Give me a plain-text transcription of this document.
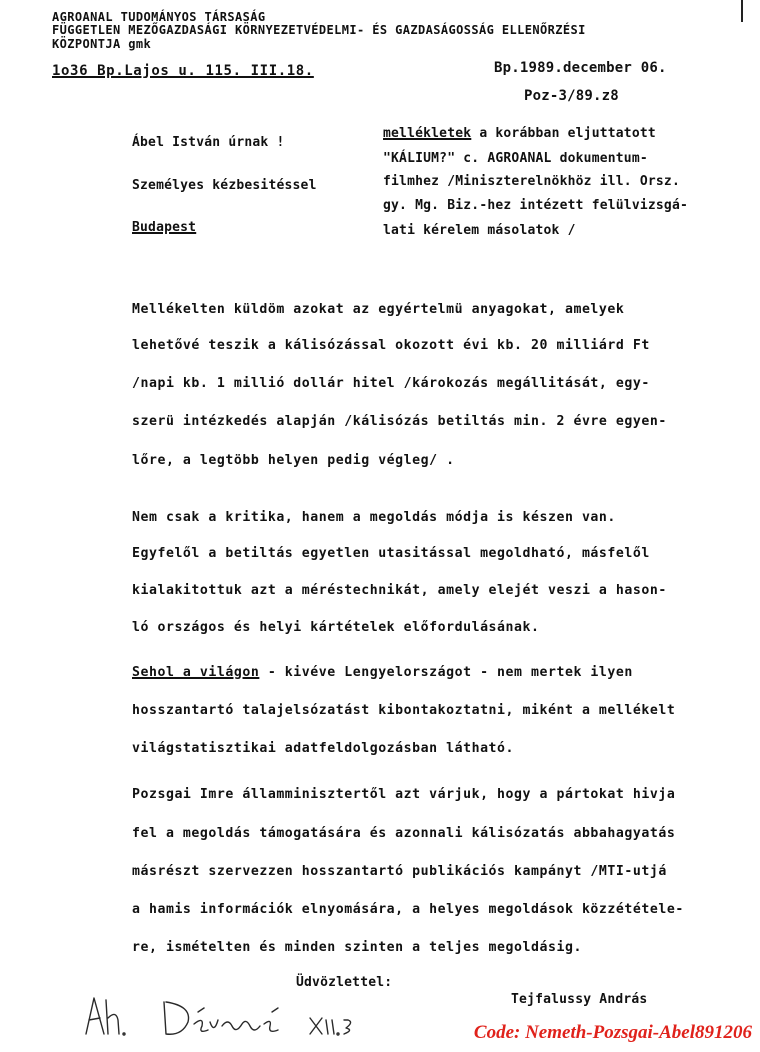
AGROANAL TUDOMÁNYOS TÁRSASÁG
FÜGGETLEN MEZŐGAZDASÁGI KÖRNYEZETVÉDELMI- ÉS GAZDASÁGOSSÁG ELLENŐRZÉSI
KÖZPONTJA gmk
1o36 Bp.Lajos u. 115. III.18.	Bp.1989.december 06.
Poz-3/89.z8
Ábel István úrnak !
Személyes kézbesitéssel
Budapest
mellékletek a korábban eljuttatott
"KÁLIUM?" c. AGROANAL dokumentum-
filmhez /Miniszterelnökhöz ill. Orsz.
gy. Mg. Biz.-hez intézett felülvizsgá-
lati kérelem másolatok /
Mellékelten küldöm azokat az egyértelmü anyagokat, amelyek
lehetővé teszik a kálisózással okozott évi kb. 20 milliárd Ft
/napi kb. 1 millió dollár hitel /károkozás megállitását, egy-
szerü intézkedés alapján /kálisózás betiltás min. 2 évre egyen-
lőre, a legtöbb helyen pedig végleg/ .
Nem csak a kritika, hanem a megoldás módja is készen van.
Egyfelől a betiltás egyetlen utasitással megoldható, másfelől
kialakitottuk azt a méréstechnikát, amely elejét veszi a hason-
ló országos és helyi kártételek előfordulásának.
Sehol a világon - kivéve Lengyelországot - nem mertek ilyen
hosszantartó talajelsózatást kibontakoztatni, miként a mellékelt
világstatisztikai adatfeldolgozásban látható.
Pozsgai Imre államminisztertől azt várjuk, hogy a pártokat hivja
fel a megoldás támogatására és azonnali kálisózatás abbahagyatás
másrészt szervezzen hosszantartó publikációs kampányt /MTI-utjá
a hamis információk elnyomására, a helyes megoldások közzététele-
re, ismételten és minden szinten a teljes megoldásig.
Üdvözlettel:
Tejfalussy András
Code: Nemeth-Pozsgai-Abel891206
